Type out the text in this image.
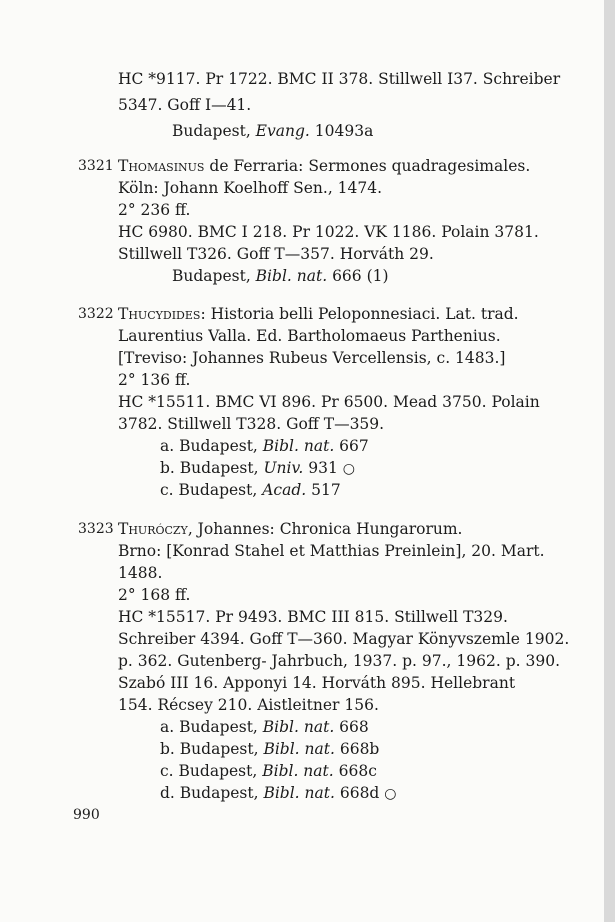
HC *9117. Pr 1722. BMC II 378. Stillwell I37. Schreiber
5347. Goff I—41.
Budapest, Evang. 10493a
3321 Thomasinus de Ferraria: Sermones quadragesimales.
Köln: Johann Koelhoff Sen., 1474.
2° 236 ff.
HC 6980. BMC I 218. Pr 1022. VK 1186. Polain 3781.
Stillwell T326. Goff T—357. Horváth 29.
Budapest, Bibl. nat. 666 (1)
3322 Thucydides: Historia belli Peloponnesiaci. Lat. trad.
Laurentius Valla. Ed. Bartholomaeus Parthenius.
[Treviso: Johannes Rubeus Vercellensis, c. 1483.]
2° 136 ff.
HC *15511. BMC VI 896. Pr 6500. Mead 3750. Polain
3782. Stillwell T328. Goff T—359.
a. Budapest, Bibl. nat. 667
b. Budapest, Univ. 931 ○
c. Budapest, Acad. 517
3323 Thuróczy, Johannes: Chronica Hungarorum.
Brno: [Konrad Stahel et Matthias Preinlein], 20. Mart.
1488.
2° 168 ff.
HC *15517. Pr 9493. BMC III 815. Stillwell T329.
Schreiber 4394. Goff T—360. Magyar Könyvszemle 1902.
p. 362. Gutenberg- Jahrbuch, 1937. p. 97., 1962. p. 390.
Szabó III 16. Apponyi 14. Horváth 895. Hellebrant
154. Récsey 210. Aistleitner 156.
a. Budapest, Bibl. nat. 668
b. Budapest, Bibl. nat. 668b
c. Budapest, Bibl. nat. 668c
d. Budapest, Bibl. nat. 668d ○
990
